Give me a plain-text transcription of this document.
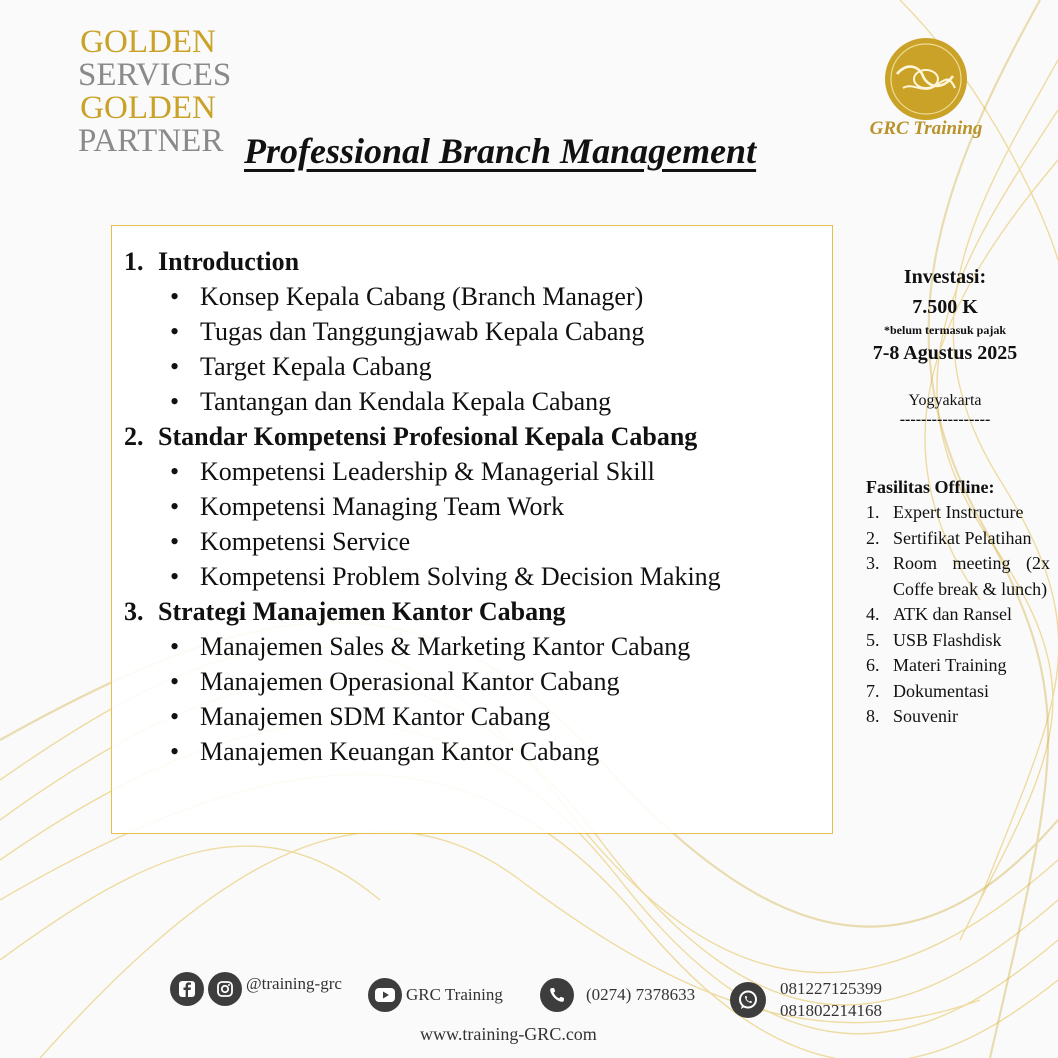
GOLDEN
SERVICES
GOLDEN
PARTNER	GRC Training
Professional Branch Management
1. Introduction
• Konsep Kepala Cabang (Branch Manager)
• Tugas dan Tanggungjawab Kepala Cabang
• Target Kepala Cabang
• Tantangan dan Kendala Kepala Cabang
2. Standar Kompetensi Profesional Kepala Cabang
• Kompetensi Leadership & Managerial Skill
• Kompetensi Managing Team Work
• Kompetensi Service
• Kompetensi Problem Solving & Decision Making
3. Strategi Manajemen Kantor Cabang
• Manajemen Sales & Marketing Kantor Cabang
• Manajemen Operasional Kantor Cabang
• Manajemen SDM Kantor Cabang
• Manajemen Keuangan Kantor Cabang
Investasi:
7.500 K
*belum termasuk pajak
7-8 Agustus 2025
Yogyakarta
-----------------
Fasilitas Offline:
1. Expert Instructure
2. Sertifikat Pelatihan
3. Room meeting (2x Coffe break & lunch)
4. ATK dan Ransel
5. USB Flashdisk
6. Materi Training
7. Dokumentasi
8. Souvenir
@training-grc
GRC Training	(0274) 7378633	081227125399
081802214168
www.training-GRC.com
